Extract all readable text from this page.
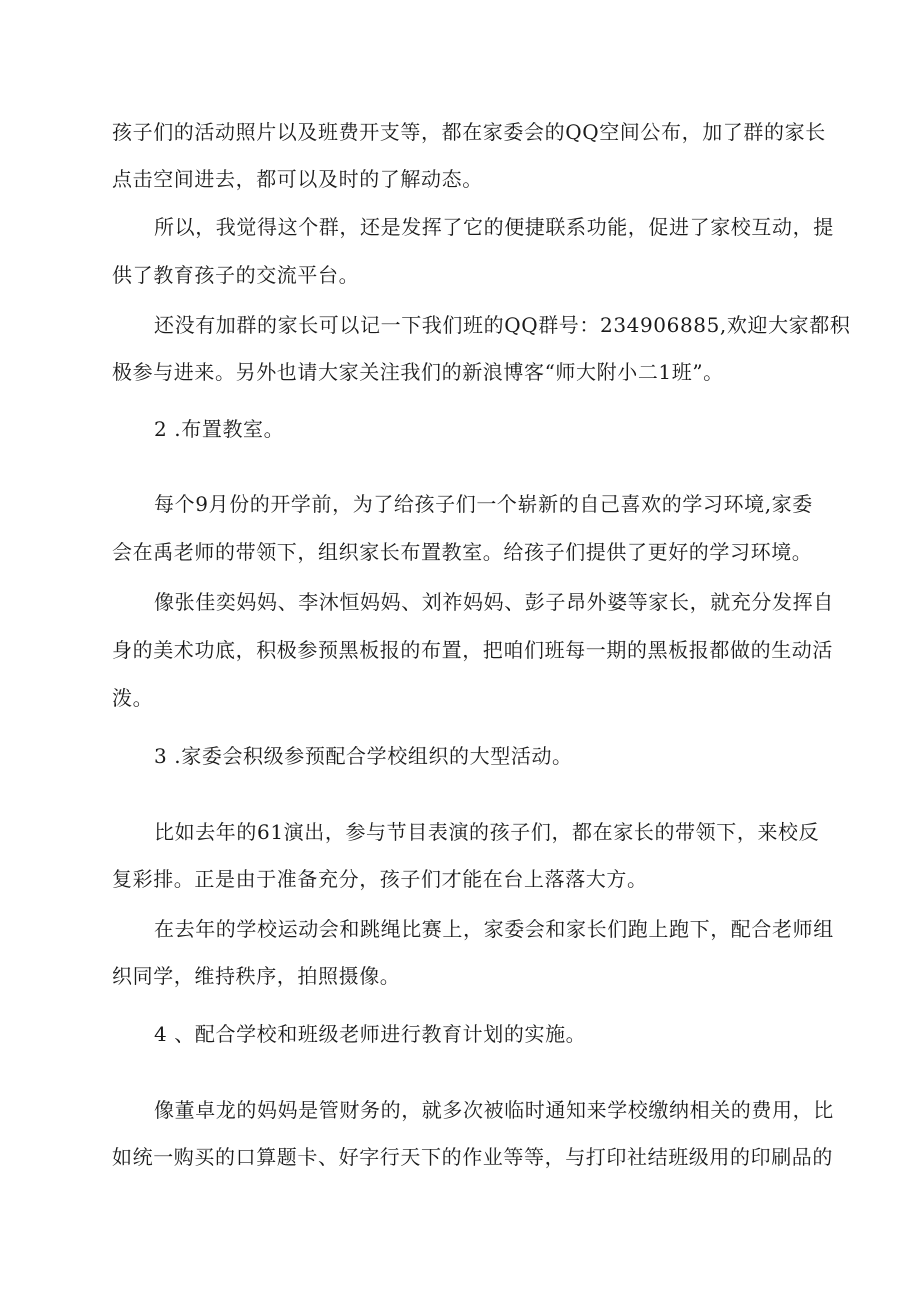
孩子们的活动照片以及班费开支等，都在家委会的QQ空间公布，加了群的家长
点击空间进去，都可以及时的了解动态。
所以，我觉得这个群，还是发挥了它的便捷联系功能，促进了家校互动，提
供了教育孩子的交流平台。
还没有加群的家长可以记一下我们班的QQ群号：234906885,欢迎大家都积
极参与进来。另外也请大家关注我们的新浪博客“师大附小二1班”。
2 .布置教室。
每个9月份的开学前，为了给孩子们一个崭新的自己喜欢的学习环境,家委
会在禹老师的带领下，组织家长布置教室。给孩子们提供了更好的学习环境。
像张佳奕妈妈、李沐恒妈妈、刘祚妈妈、彭子昂外婆等家长，就充分发挥自
身的美术功底，积极参预黑板报的布置，把咱们班每一期的黑板报都做的生动活
泼。
3 .家委会积级参预配合学校组织的大型活动。
比如去年的61演出，参与节目表演的孩子们，都在家长的带领下，来校反
复彩排。正是由于准备充分，孩子们才能在台上落落大方。
在去年的学校运动会和跳绳比赛上，家委会和家长们跑上跑下，配合老师组
织同学，维持秩序，拍照摄像。
4 、配合学校和班级老师进行教育计划的实施。
像董卓龙的妈妈是管财务的，就多次被临时通知来学校缴纳相关的费用，比
如统一购买的口算题卡、好字行天下的作业等等，与打印社结班级用的印刷品的
